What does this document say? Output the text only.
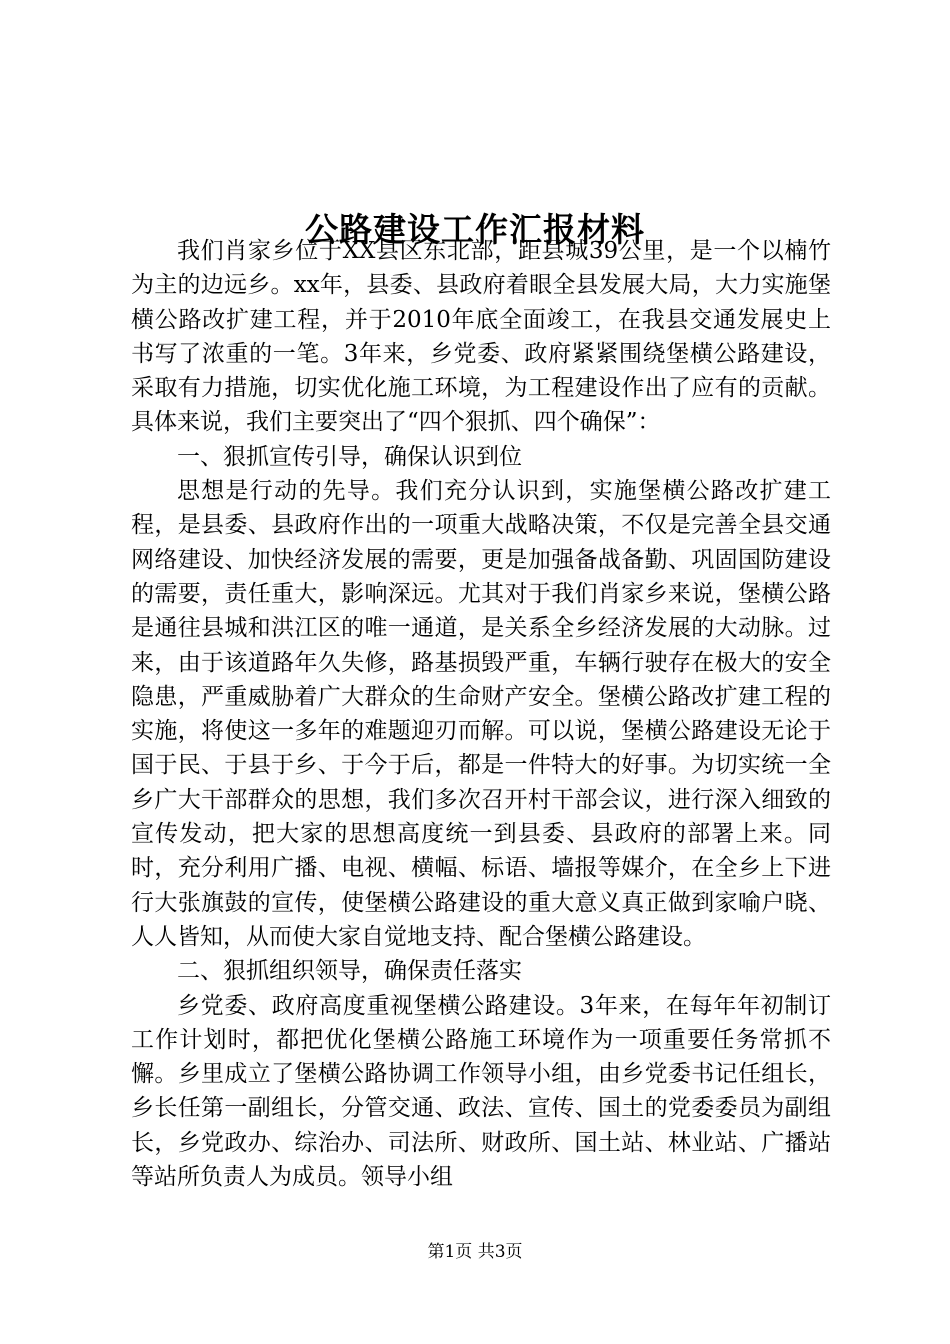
公路建设工作汇报材料

我们肖家乡位于XX县区东北部，距县城39公里，是一个以楠竹为主的边远乡。xx年，县委、县政府着眼全县发展大局，大力实施堡横公路改扩建工程，并于2010年底全面竣工，在我县交通发展史上书写了浓重的一笔。3年来，乡党委、政府紧紧围绕堡横公路建设，采取有力措施，切实优化施工环境，为工程建设作出了应有的贡献。具体来说，我们主要突出了“四个狠抓、四个确保”：

一、狠抓宣传引导，确保认识到位

思想是行动的先导。我们充分认识到，实施堡横公路改扩建工程，是县委、县政府作出的一项重大战略决策，不仅是完善全县交通网络建设、加快经济发展的需要，更是加强备战备勤、巩固国防建设的需要，责任重大，影响深远。尤其对于我们肖家乡来说，堡横公路是通往县城和洪江区的唯一通道，是关系全乡经济发展的大动脉。过来，由于该道路年久失修，路基损毁严重，车辆行驶存在极大的安全隐患，严重威胁着广大群众的生命财产安全。堡横公路改扩建工程的实施，将使这一多年的难题迎刃而解。可以说，堡横公路建设无论于国于民、于县于乡、于今于后，都是一件特大的好事。为切实统一全乡广大干部群众的思想，我们多次召开村干部会议，进行深入细致的宣传发动，把大家的思想高度统一到县委、县政府的部署上来。同时，充分利用广播、电视、横幅、标语、墙报等媒介，在全乡上下进行大张旗鼓的宣传，使堡横公路建设的重大意义真正做到家喻户晓、人人皆知，从而使大家自觉地支持、配合堡横公路建设。

二、狠抓组织领导，确保责任落实

乡党委、政府高度重视堡横公路建设。3年来，在每年年初制订工作计划时，都把优化堡横公路施工环境作为一项重要任务常抓不懈。乡里成立了堡横公路协调工作领导小组，由乡党委书记任组长，乡长任第一副组长，分管交通、政法、宣传、国土的党委委员为副组长，乡党政办、综治办、司法所、财政所、国土站、林业站、广播站等站所负责人为成员。领导小组

第1页 共3页
